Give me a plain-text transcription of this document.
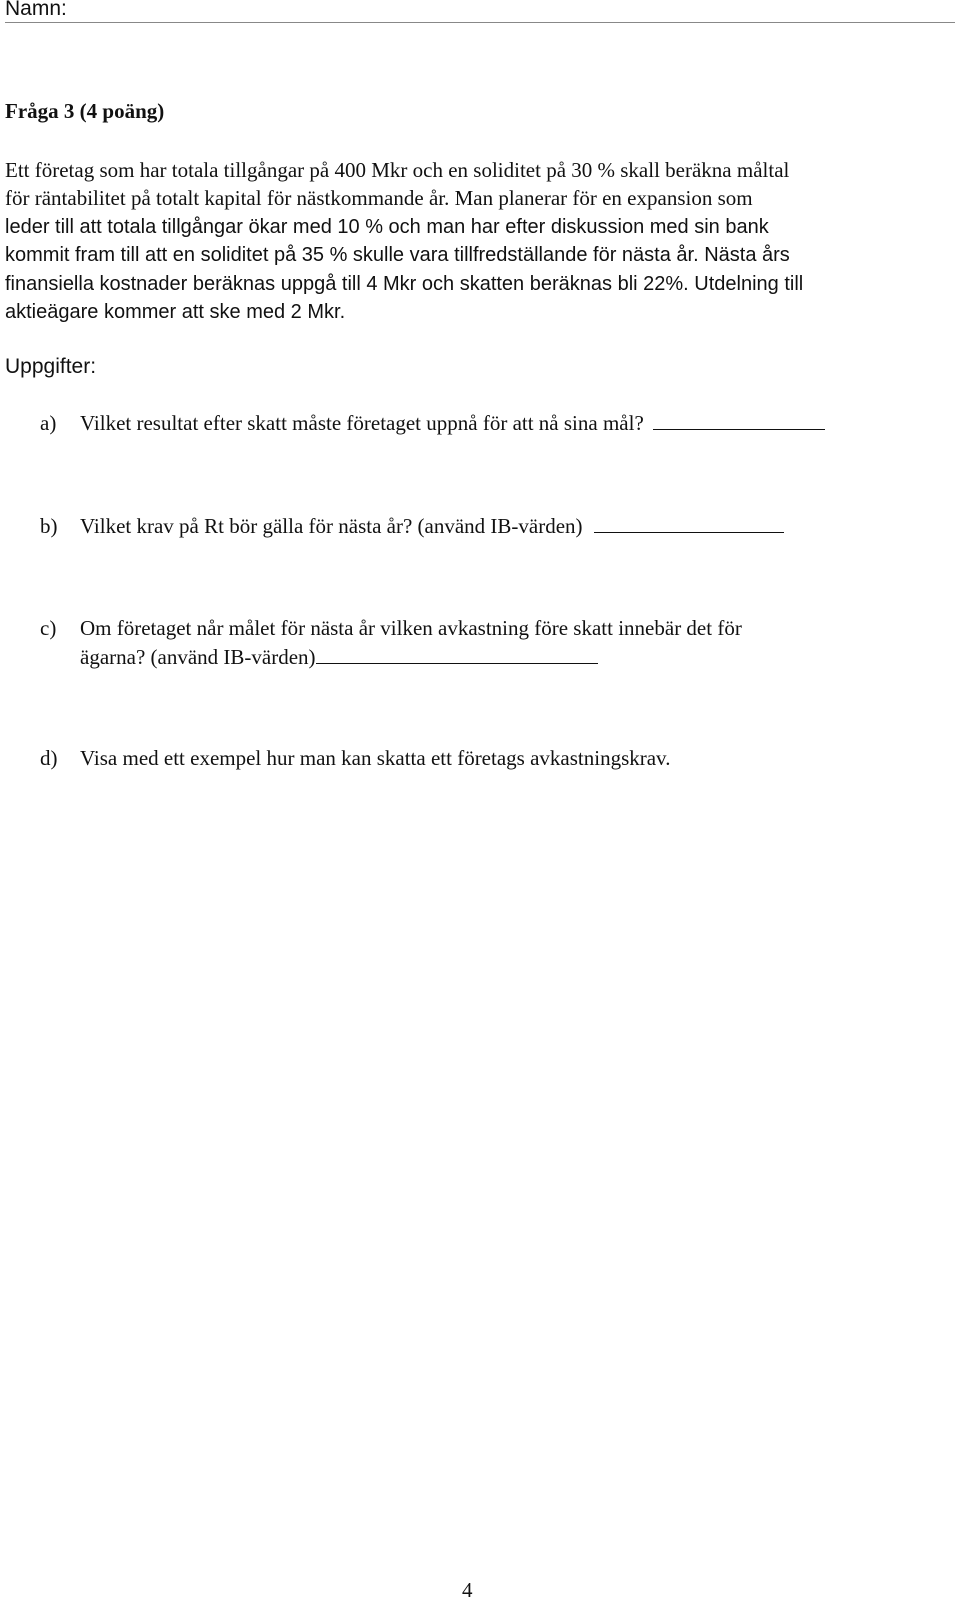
Namn:
Fråga 3 (4 poäng)
Ett företag som har totala tillgångar på 400 Mkr och en soliditet på 30 % skall beräkna måltal
för räntabilitet på totalt kapital för nästkommande år. Man planerar för en expansion som
leder till att totala tillgångar ökar med 10 % och man har efter diskussion med sin bank
kommit fram till att en soliditet på 35 % skulle vara tillfredställande för nästa år. Nästa års
finansiella kostnader beräknas uppgå till 4 Mkr och skatten beräknas bli 22%. Utdelning till
aktieägare kommer att ske med 2 Mkr.
Uppgifter:
a) Vilket resultat efter skatt måste företaget uppnå för att nå sina mål?
b) Vilket krav på Rt bör gälla för nästa år? (använd IB-värden)
c) Om företaget når målet för nästa år vilken avkastning före skatt innebär det för
ägarna? (använd IB-värden)
d) Visa med ett exempel hur man kan skatta ett företags avkastningskrav.
4
